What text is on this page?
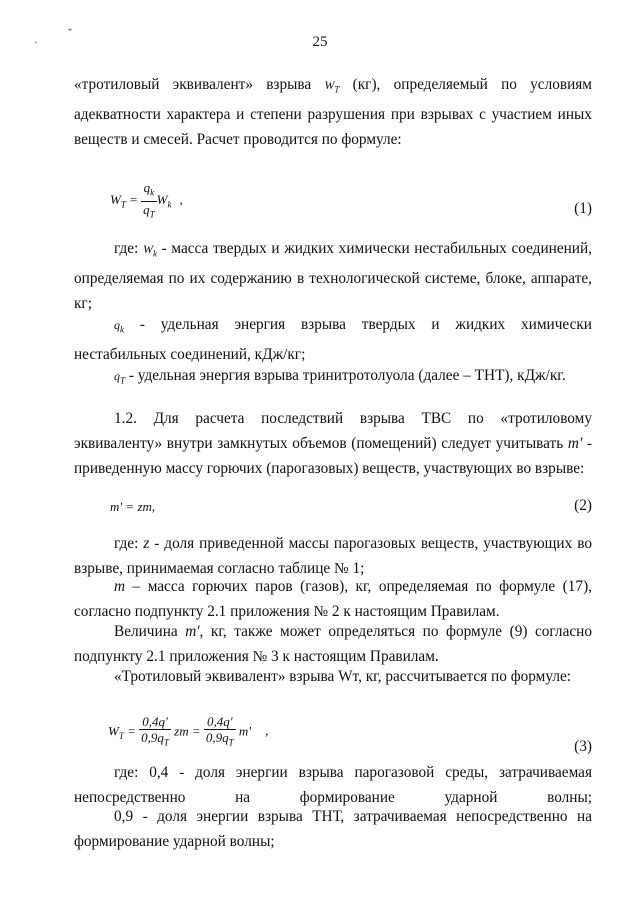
ˎ	ˇ
25

«тротиловый эквивалент» взрыва $W_T$ (кг), определяемый по условиям адекватности характера и степени разрушения при взрывах с участием иных веществ и смесей. Расчет проводится по формуле:

$W_T = \frac{q_k}{q_T} W_k$ ,
(1)

где: $W_k$ - масса твердых и жидких химически нестабильных соединений, определяемая по их содержанию в технологической системе, блоке, аппарате, кг;

$q_k$ - удельная энергия взрыва твердых и жидких химически нестабильных соединений, кДж/кг;

$q_T$ - удельная энергия взрыва тринитротолуола (далее – ТНТ), кДж/кг.

1.2. Для расчета последствий взрыва ТВС по «тротиловому эквиваленту» внутри замкнутых объемов (помещений) следует учитывать m' - приведенную массу горючих (парогазовых) веществ, участвующих во взрыве:

m' = zm,	(2)

где: z - доля приведенной массы парогазовых веществ, участвующих во взрыве, принимаемая согласно таблице № 1;

m – масса горючих паров (газов), кг, определяемая по формуле (17), согласно подпункту 2.1 приложения № 2 к настоящим Правилам.

Величина m', кг, также может определяться по формуле (9) согласно подпункту 2.1 приложения № 3 к настоящим Правилам.

«Тротиловый эквивалент» взрыва Wт, кг, рассчитывается по формуле:

$W_T = \frac{0,4q'}{0,9q_T}$ zm = $\frac{0,4q'}{0,9q_T} m'$ ,
(3)

где: 0,4 - доля энергии взрыва парогазовой среды, затрачиваемая непосредственно на формирование ударной волны;

0,9 - доля энергии взрыва ТНТ, затрачиваемая непосредственно на формирование ударной волны;
